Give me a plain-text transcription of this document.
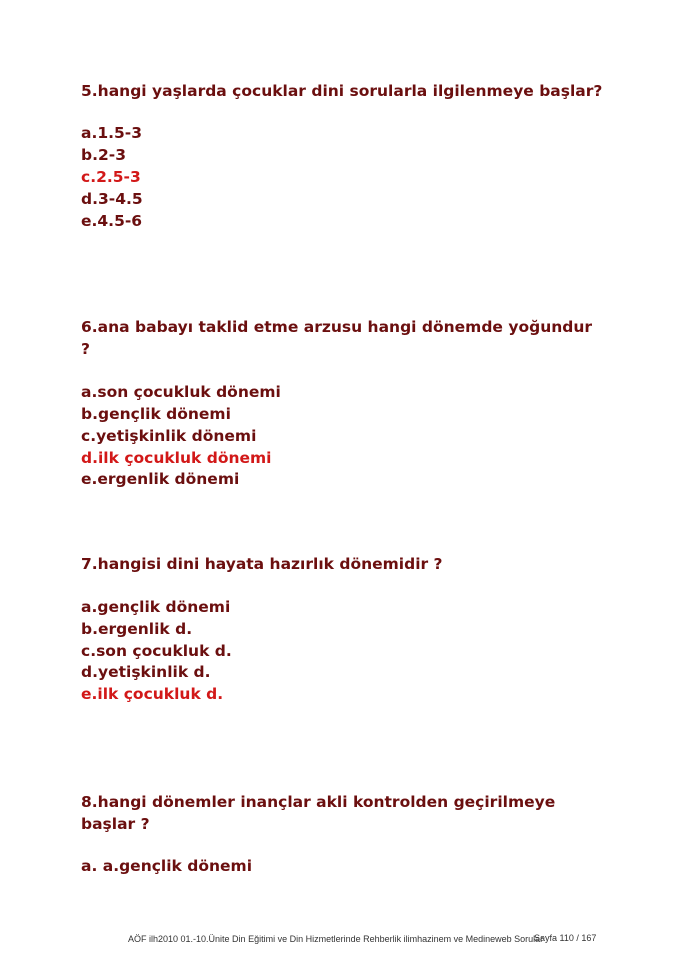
5.hangi yaşlarda çocuklar dini sorularla ilgilenmeye başlar?
a.1.5-3
b.2-3
c.2.5-3
d.3-4.5
e.4.5-6
6.ana babayı taklid etme arzusu hangi dönemde yoğundur ?
a.son çocukluk dönemi
b.gençlik dönemi
c.yetişkinlik dönemi
d.ilk çocukluk dönemi
e.ergenlik dönemi
7.hangisi dini hayata hazırlık dönemidir ?
a.gençlik dönemi
b.ergenlik d.
c.son çocukluk d.
d.yetişkinlik d.
e.ilk çocukluk d.
8.hangi dönemler inançlar akli kontrolden geçirilmeye başlar ?
a. a.gençlik dönemi
AÖF ilh2010 01.-10.Ünite Din Eğitimi ve Din Hizmetlerinde Rehberlik ilimhazinem ve Medineweb Sorular
Sayfa 110 / 167
